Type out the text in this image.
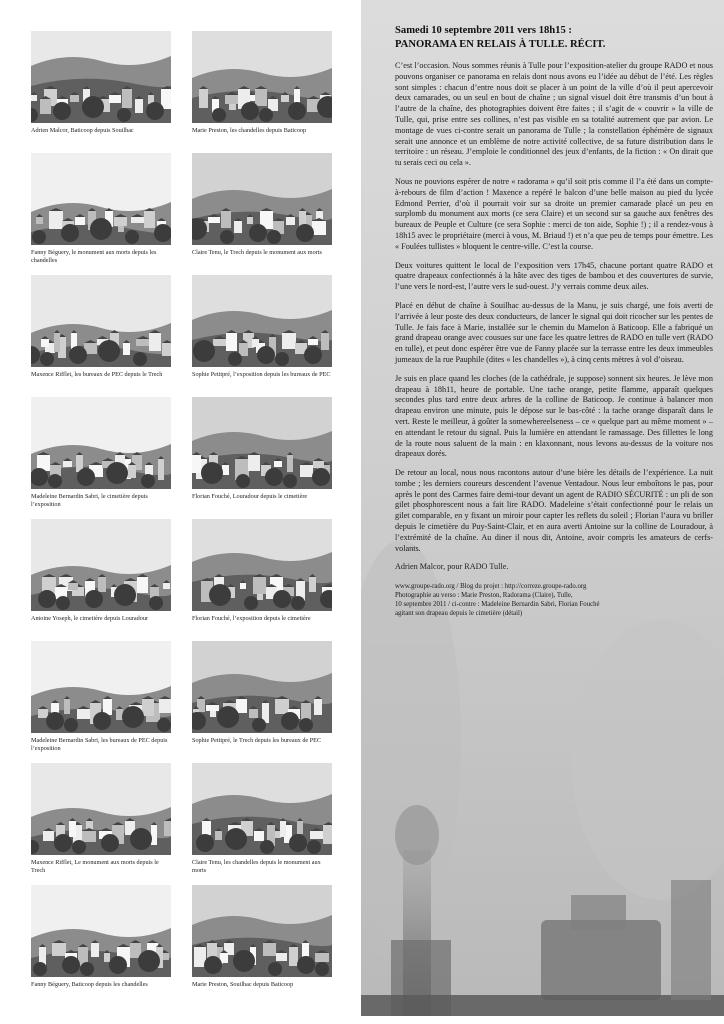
Adrien Malcor, Baticoop depuis Souilhac	Marie Preston, les chandelles depuis Baticoop
Fanny Béguery, le monument aux morts depuis les chandelles
Claire Tenu, le Trech depuis le monument aux morts
Maxence Rifflet, les bureaux de PEC depuis le Trech	Sophie Petitpré, l’exposition depuis les bureaux de PEC
Madeleine Bernardin Sabri, le cimetière depuis l’exposition
Florian Fouché, Louradour depuis le cimetière
Antoine Yoseph, le cimetière depuis Louradour	Florian Fouché, l’exposition depuis le cimetière
Madeleine Bernardin Sabri, les bureaux de PEC depuis l’exposition
Sophie Petitpré, le Trech depuis les bureaux de PEC
Maxence Rifflet, Le monument aux morts depuis le Trech
Claire Tenu, les chandelles depuis le monument aux morts
Fanny Béguery, Baticoop depuis les chandelles	Marie Preston, Souilhac depuis Baticoop
Samedi 10 septembre 2011 vers 18h15 :
PANORAMA EN RELAIS À TULLE. RÉCIT.

C’est l’occasion. Nous sommes réunis à Tulle pour l’exposition-atelier du groupe RADO et nous pouvons organiser ce panorama en relais dont nous avons eu l’idée au début de l’été. Les règles sont simples : chacun d’entre nous doit se placer à un point de la ville d’où il peut apercevoir deux camarades, ou un seul en bout de chaîne ; un signal visuel doit être transmis d’un bout à l’autre de la chaîne, des photographies doivent être faites ; il s’agit de « couvrir » la ville de Tulle, qui, prise entre ses collines, n’est pas visible en sa totalité autrement que par avion. Le montage de vues ci-contre serait un panorama de Tulle ; la constellation éphémère de signaux serait une annonce et un emblème de notre activité collective, de sa future distribution dans le territoire : un réseau. J’emploie le conditionnel des jeux d’enfants, de la fiction : « On dirait que tu serais ceci ou cela ».

Nous ne pouvions espérer de notre « radorama » qu’il soit pris comme il l’a été dans un compte-à-rebours de film d’action ! Maxence a repéré le balcon d’une belle maison au pied du lycée Edmond Perrier, d’où il pourrait voir sur sa droite un premier camarade placé un peu en surplomb du monument aux morts (ce sera Claire) et un second sur sa gauche aux fenêtres des bureaux de Peuple et Culture (ce sera Sophie : merci de ton aide, Sophie !) ; il a rendez-vous à 18h15 avec le propriétaire (merci à vous, M. Briaud !) et n’a que peu de temps pour émettre. Les « Foulées tullistes » bloquent le centre-ville. C’est la course.

Deux voitures quittent le local de l’exposition vers 17h45, chacune portant quatre RADO et quatre drapeaux confectionnés à la hâte avec des tiges de bambou et des couvertures de survie, l’une vers le nord-est, l’autre vers le sud-ouest. J’y verrais comme deux ailes.

Placé en début de chaîne à Souilhac au-dessus de la Manu, je suis chargé, une fois averti de l’arrivée à leur poste des deux conducteurs, de lancer le signal qui doit ricocher sur les pentes de Tulle. Je fais face à Marie, installée sur le chemin du Mamelon à Baticoop. Elle a fabriqué un grand drapeau orange avec cousues sur une face les quatre lettres de RADO en tulle vert (RADO en tulle), et peut donc espérer être vue de Fanny placée sur la terrasse entre les deux immeubles jumeaux de la rue Pauphile (dites « les chandelles »), à cinq cents mètres à vol d’oiseau.

Je suis en place quand les cloches (de la cathédrale, je suppose) sonnent six heures. Je lève mon drapeau à 18h11, heure de portable. Une tache orange, petite flamme, apparaît quelques secondes plus tard entre deux arbres de la colline de Baticoop. Je continue à balancer mon drapeau environ une minute, puis le dépose sur le bas-côté : la tache orange disparaît dans le vert. Reste le meilleur, à goûter la somewhereelseness – ce « quelque part au même moment » – en attendant le retour du signal. Puis la lumière en attendant le ramassage. Des fillettes le long de la route nous saluent de la main : en klaxonnant, nous levons au-dessus de la voiture nos drapeaux dorés.

De retour au local, nous nous racontons autour d’une bière les détails de l’expérience. La nuit tombe ; les derniers coureurs descendent l’avenue Ventadour. Nous leur emboîtons le pas, pour après le pont des Carmes faire demi-tour devant un agent de RADIO SÉCURITÉ : un pli de son gilet phosphorescent nous a fait lire RADO. Madeleine s’était confectionné pour le relais un gilet comparable, en y fixant un miroir pour capter les reflets du soleil ; Florian l’aura vu briller depuis le cimetière du Puy-Saint-Clair, et en aura averti Antoine sur la colline de Louradour, à l’extrémité de la chaîne. Au diner il nous dit, Antoine, avoir compris les amateurs de cerfs-volants.

Adrien Malcor, pour RADO Tulle.

www.groupe-rado.org / Blog du projet : http://correze.groupe-rado.org
Photographie au verso : Marie Preston, Radorama (Claire), Tulle,
10 septembre 2011 / ci-contre : Madeleine Bernardin Sabri, Florian Fouché
agitant son drapeau depuis le cimetière (détail)
